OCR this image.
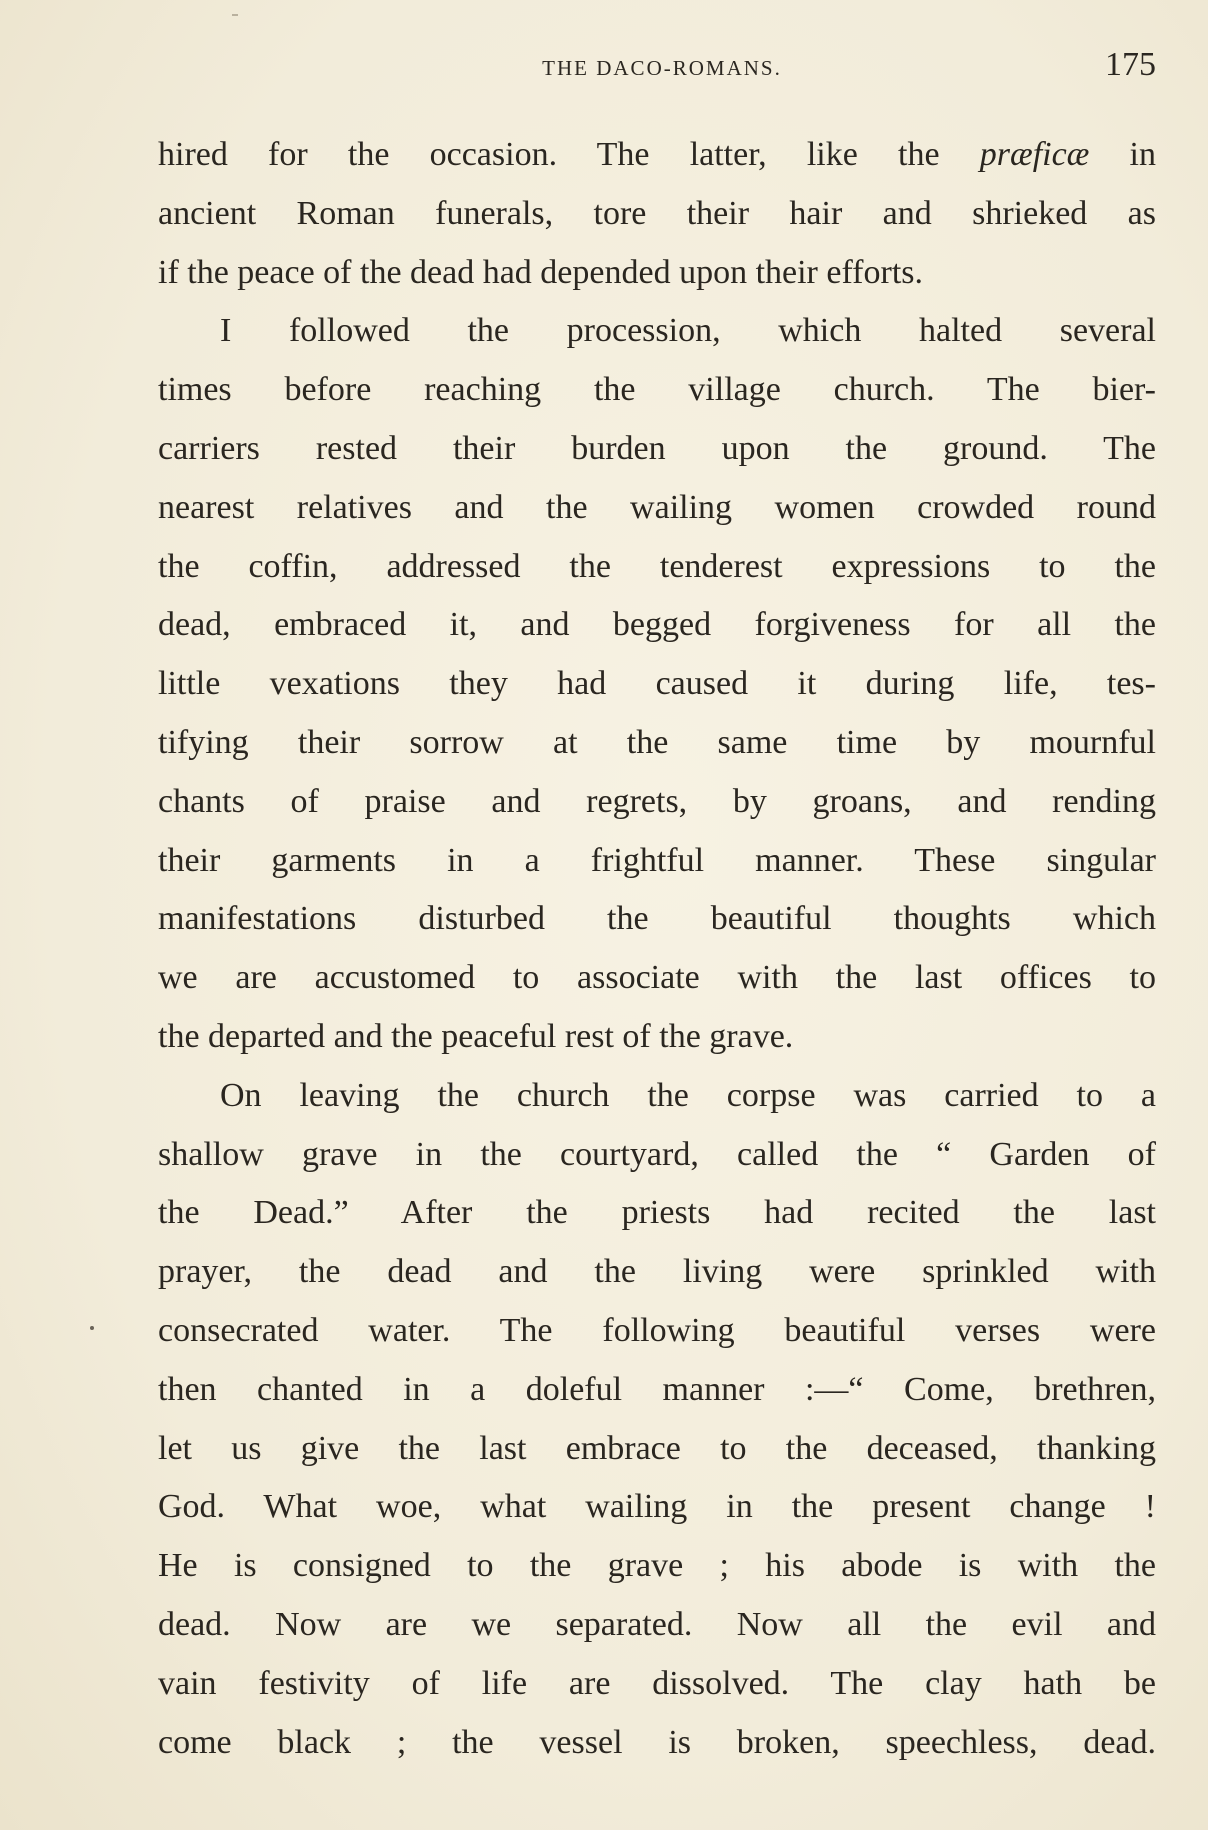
THE DACO-ROMANS.	175
hired for the occasion. The latter, like the præficæ in
ancient Roman funerals, tore their hair and shrieked as
if the peace of the dead had depended upon their efforts.
I followed the procession, which halted several
times before reaching the village church. The bier-
carriers rested their burden upon the ground. The
nearest relatives and the wailing women crowded round
the coffin, addressed the tenderest expressions to the
dead, embraced it, and begged forgiveness for all the
little vexations they had caused it during life, tes-
tifying their sorrow at the same time by mournful
chants of praise and regrets, by groans, and rending
their garments in a frightful manner. These singular
manifestations disturbed the beautiful thoughts which
we are accustomed to associate with the last offices to
the departed and the peaceful rest of the grave.
On leaving the church the corpse was carried to a
shallow grave in the courtyard, called the “ Garden of
the Dead.” After the priests had recited the last
prayer, the dead and the living were sprinkled with
consecrated water. The following beautiful verses were
then chanted in a doleful manner :—“ Come, brethren,
let us give the last embrace to the deceased, thanking
God. What woe, what wailing in the present change !
He is consigned to the grave ; his abode is with the
dead. Now are we separated. Now all the evil and
vain festivity of life are dissolved. The clay hath be
come black ; the vessel is broken, speechless, dead.
